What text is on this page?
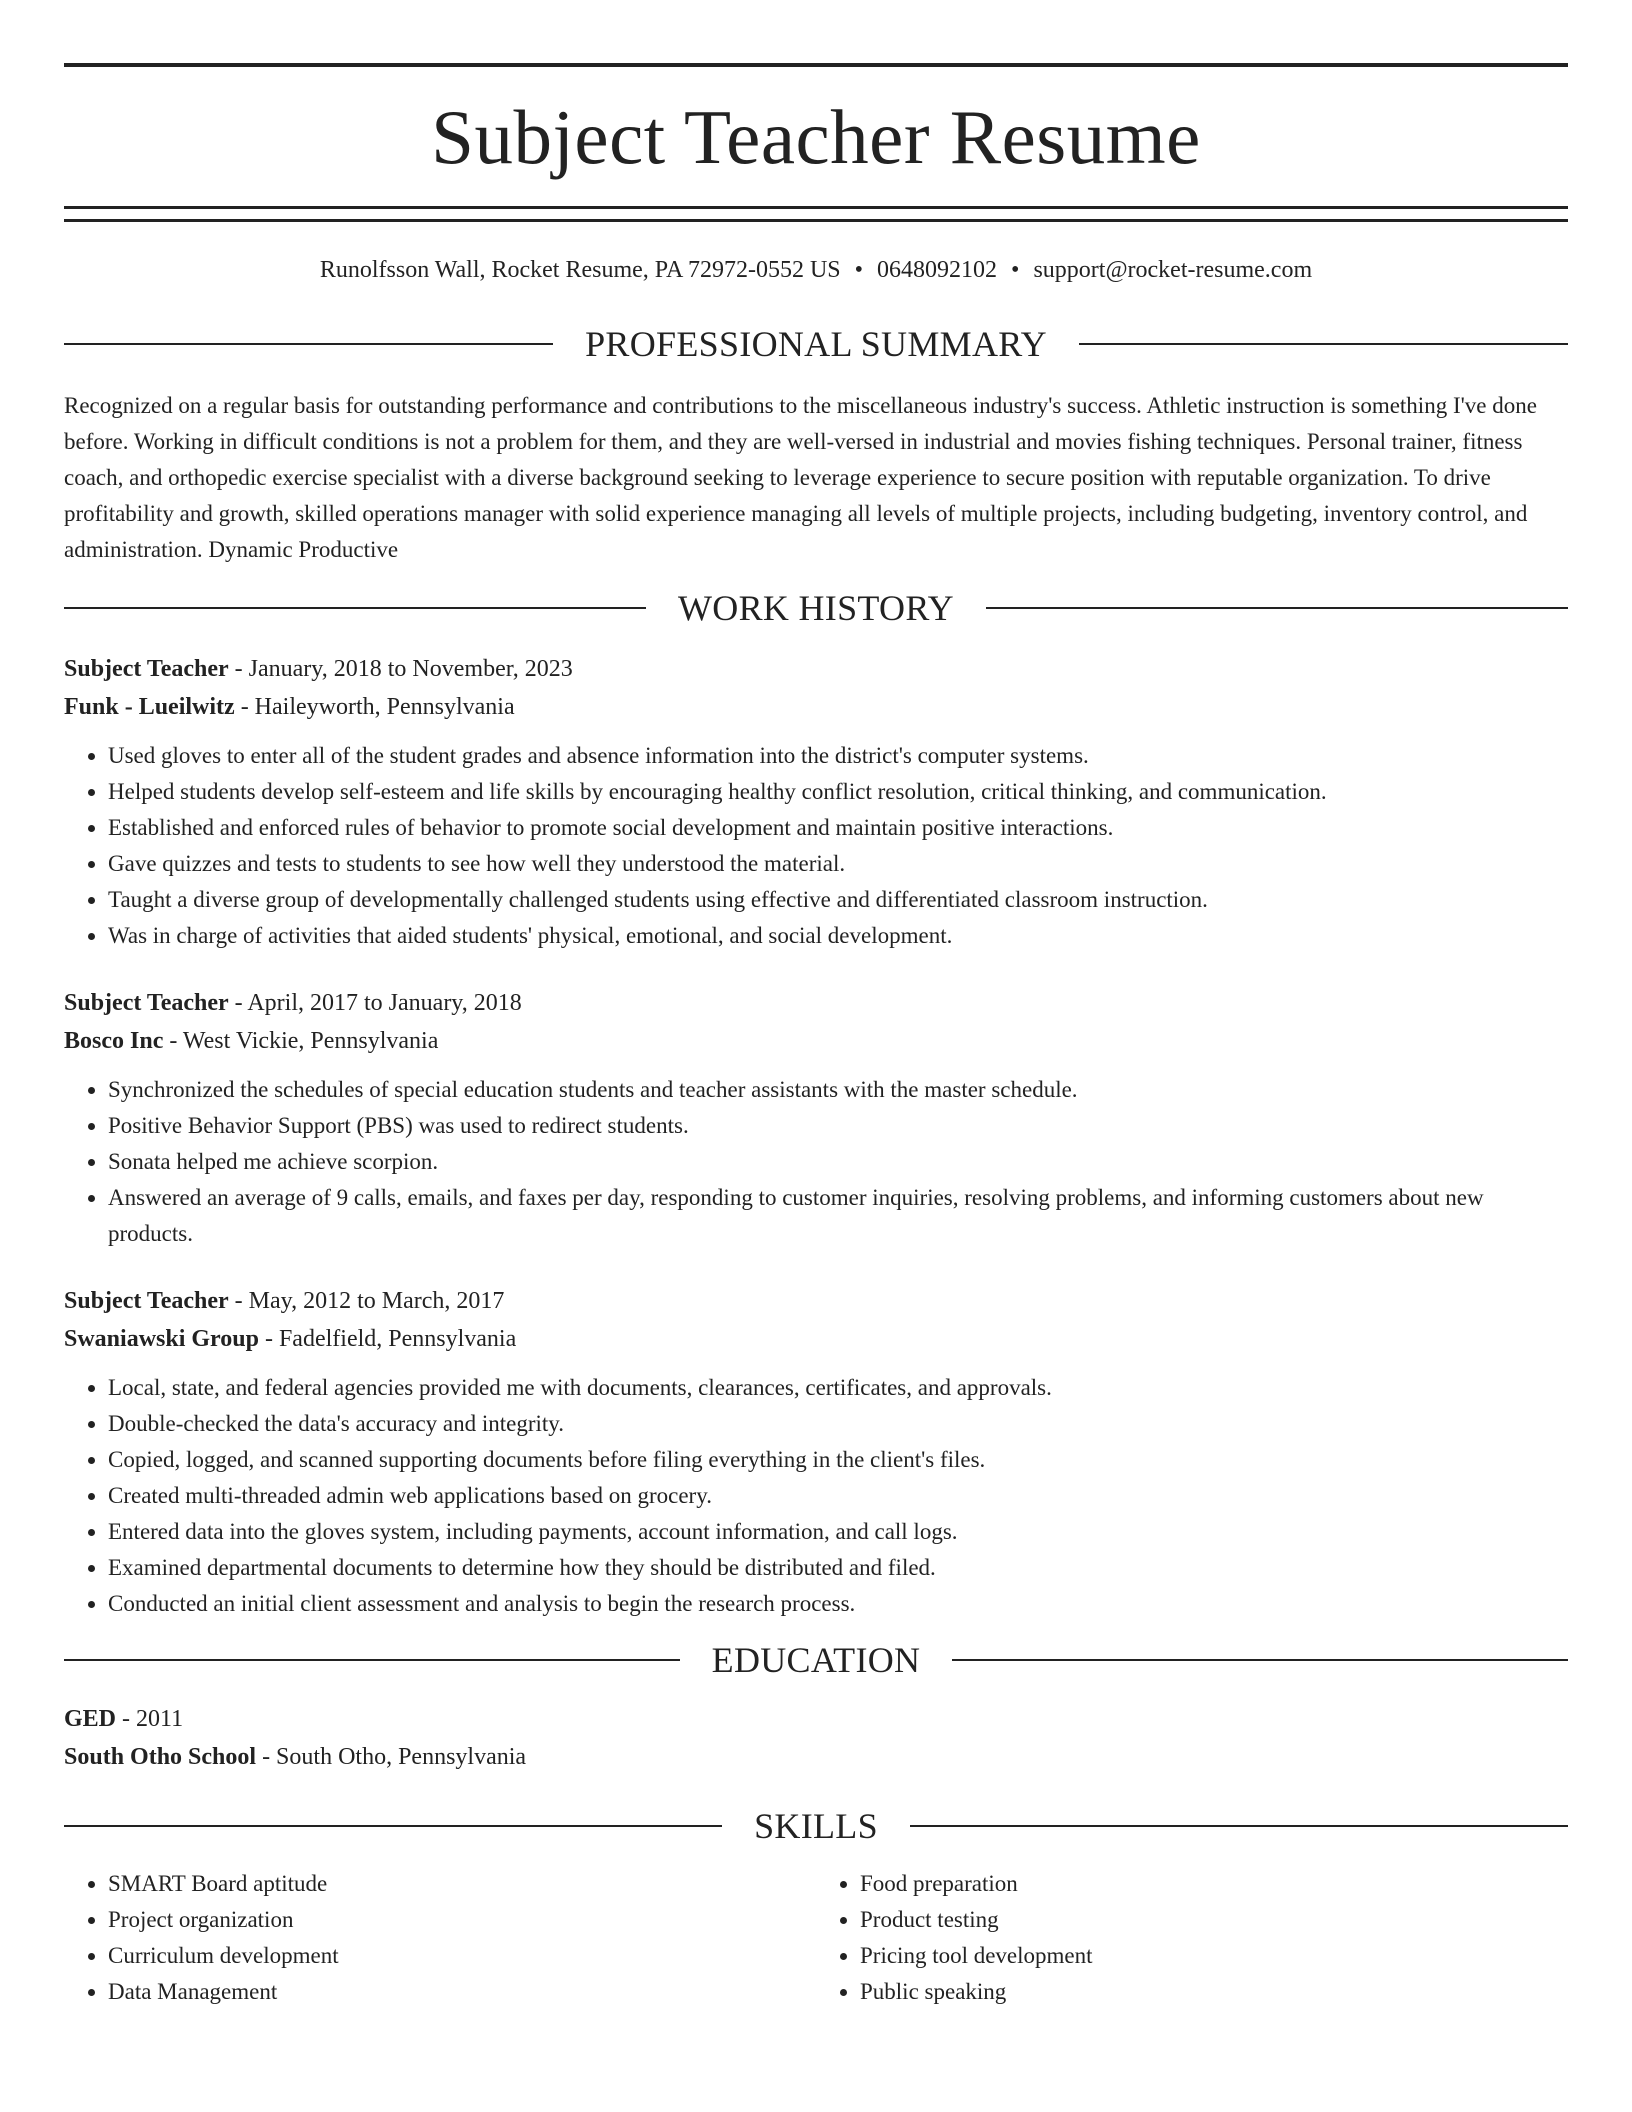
Subject Teacher Resume
Runolfsson Wall, Rocket Resume, PA 72972-0552 US • 0648092102 • support@rocket-resume.com
PROFESSIONAL SUMMARY

Recognized on a regular basis for outstanding performance and contributions to the miscellaneous industry's success. Athletic instruction is something I've done before. Working in difficult conditions is not a problem for them, and they are well-versed in industrial and movies fishing techniques. Personal trainer, fitness coach, and orthopedic exercise specialist with a diverse background seeking to leverage experience to secure position with reputable organization. To drive profitability and growth, skilled operations manager with solid experience managing all levels of multiple projects, including budgeting, inventory control, and administration. Dynamic Productive

WORK HISTORY
Subject Teacher - January, 2018 to November, 2023
Funk - Lueilwitz - Haileyworth, Pennsylvania
• Used gloves to enter all of the student grades and absence information into the district's computer systems.
• Helped students develop self-esteem and life skills by encouraging healthy conflict resolution, critical thinking, and communication.
• Established and enforced rules of behavior to promote social development and maintain positive interactions.
• Gave quizzes and tests to students to see how well they understood the material.
• Taught a diverse group of developmentally challenged students using effective and differentiated classroom instruction.
• Was in charge of activities that aided students' physical, emotional, and social development.
Subject Teacher - April, 2017 to January, 2018
Bosco Inc - West Vickie, Pennsylvania
• Synchronized the schedules of special education students and teacher assistants with the master schedule.
• Positive Behavior Support (PBS) was used to redirect students.
• Sonata helped me achieve scorpion.
• Answered an average of 9 calls, emails, and faxes per day, responding to customer inquiries, resolving problems, and informing customers about new products.
Subject Teacher - May, 2012 to March, 2017
Swaniawski Group - Fadelfield, Pennsylvania
• Local, state, and federal agencies provided me with documents, clearances, certificates, and approvals.
• Double-checked the data's accuracy and integrity.
• Copied, logged, and scanned supporting documents before filing everything in the client's files.
• Created multi-threaded admin web applications based on grocery.
• Entered data into the gloves system, including payments, account information, and call logs.
• Examined departmental documents to determine how they should be distributed and filed.
• Conducted an initial client assessment and analysis to begin the research process.
EDUCATION
GED - 2011
South Otho School - South Otho, Pennsylvania
SKILLS
• SMART Board aptitude
• Project organization
• Curriculum development
• Data Management
• Food preparation
• Product testing
• Pricing tool development
• Public speaking
